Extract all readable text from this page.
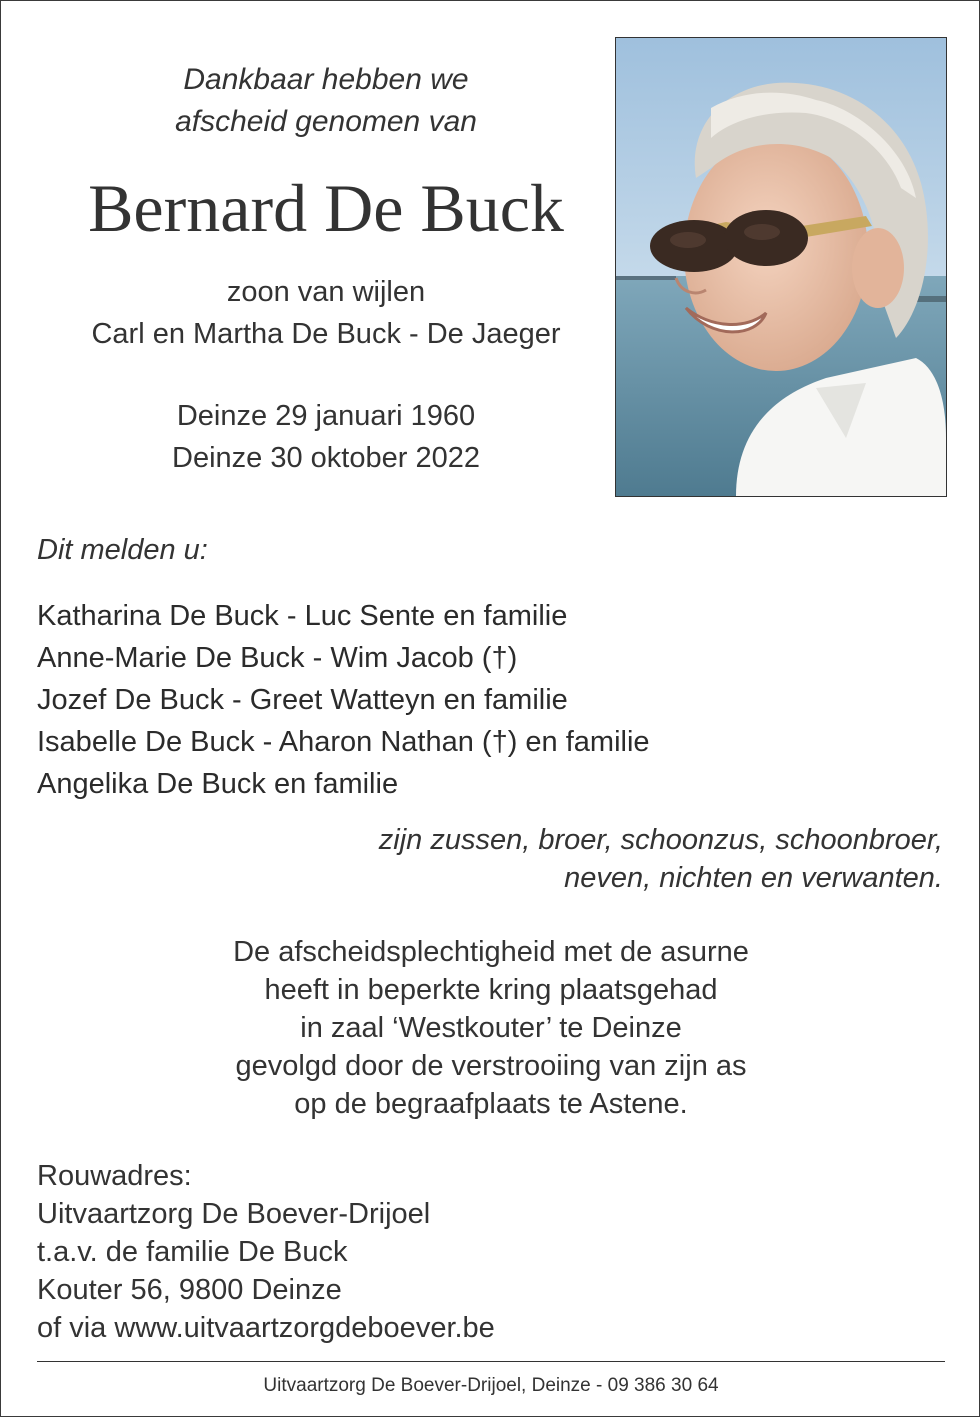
Dankbaar hebben we
afscheid genomen van
Bernard De Buck
zoon van wijlen
Carl en Martha De Buck - De Jaeger
Deinze 29 januari 1960
Deinze 30 oktober 2022
Dit melden u:
Katharina De Buck - Luc Sente en familie
Anne-Marie De Buck - Wim Jacob (†)
Jozef De Buck - Greet Watteyn en familie
Isabelle De Buck - Aharon Nathan (†) en familie
Angelika De Buck en familie
zijn zussen, broer, schoonzus, schoonbroer,
neven, nichten en verwanten.
De afscheidsplechtigheid met de asurne
heeft in beperkte kring plaatsgehad
in zaal ‘Westkouter’ te Deinze
gevolgd door de verstrooiing van zijn as
op de begraafplaats te Astene.
Rouwadres:
Uitvaartzorg De Boever-Drijoel
t.a.v. de familie De Buck
Kouter 56, 9800 Deinze
of via www.uitvaartzorgdeboever.be
Uitvaartzorg De Boever-Drijoel, Deinze - 09 386 30 64
